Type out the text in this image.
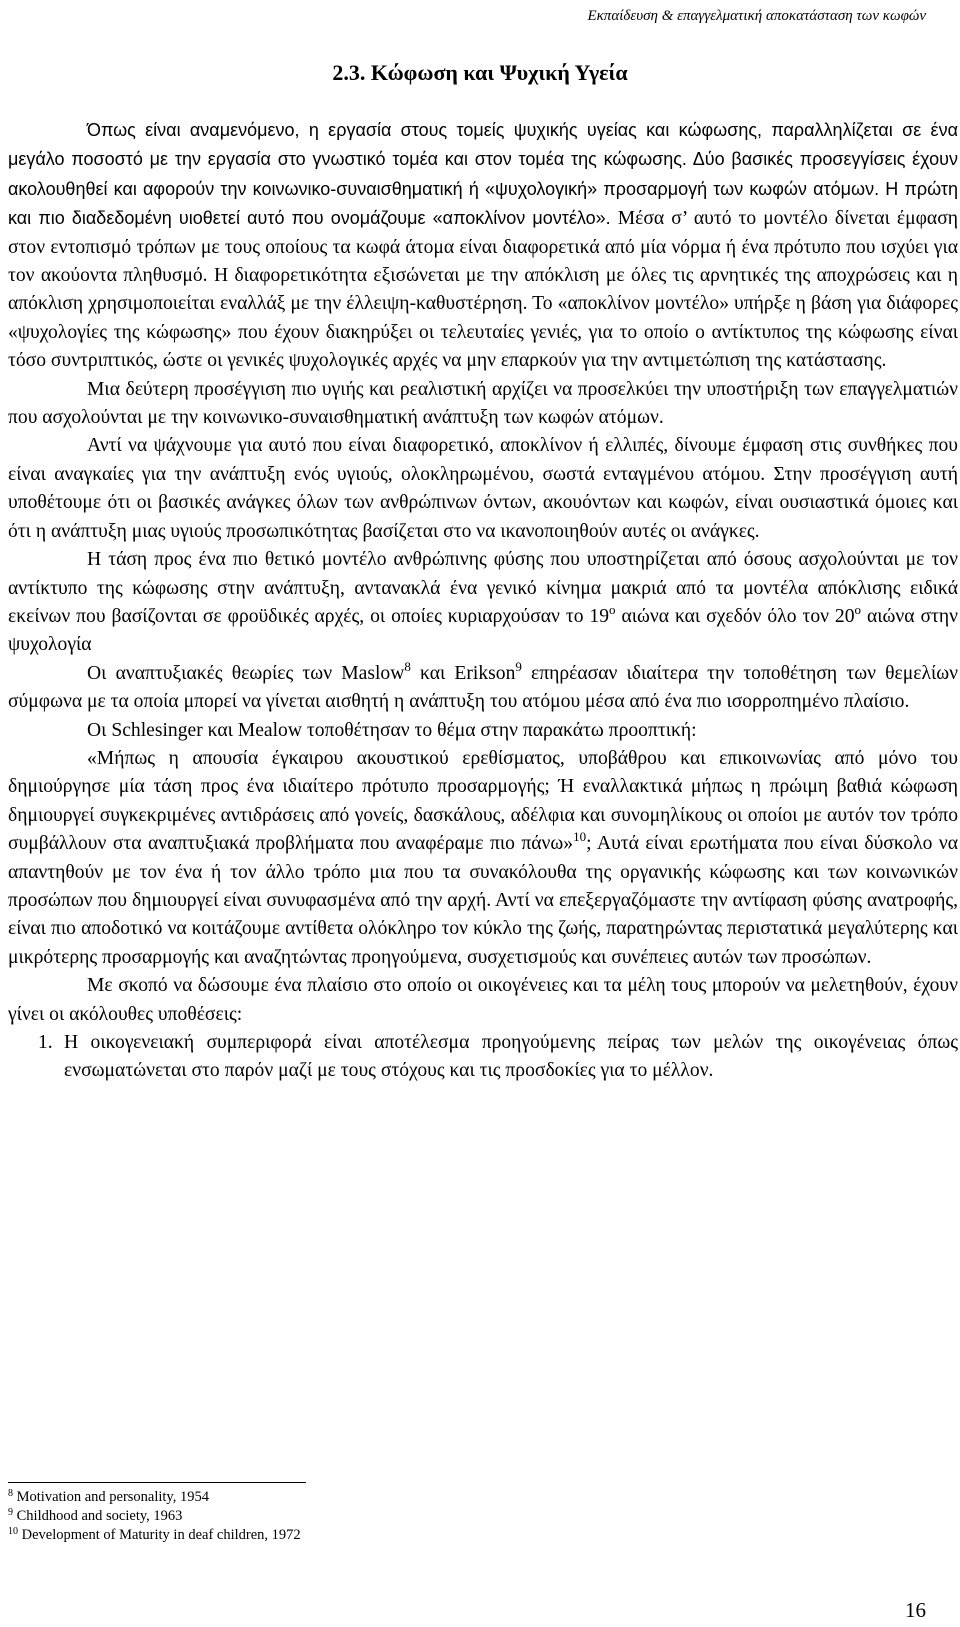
Εκπαίδευση & επαγγελματική αποκατάσταση των κωφών
2.3. Κώφωση και Ψυχική Υγεία

Όπως είναι αναμενόμενο, η εργασία στους τομείς ψυχικής υγείας και κώφωσης, παραλληλίζεται σε ένα μεγάλο ποσοστό με την εργασία στο γνωστικό τομέα και στον τομέα της κώφωσης. Δύο βασικές προσεγγίσεις έχουν ακολουθηθεί και αφορούν την κοινωνικο-συναισθηματική ή «ψυχολογική» προσαρμογή των κωφών ατόμων. Η πρώτη και πιο διαδεδομένη υιοθετεί αυτό που ονομάζουμε «αποκλίνον μοντέλο». Μέσα σ’ αυτό το μοντέλο δίνεται έμφαση στον εντοπισμό τρόπων με τους οποίους τα κωφά άτομα είναι διαφορετικά από μία νόρμα ή ένα πρότυπο που ισχύει για τον ακούοντα πληθυσμό. Η διαφορετικότητα εξισώνεται με την απόκλιση με όλες τις αρνητικές της αποχρώσεις και η απόκλιση χρησιμοποιείται εναλλάξ με την έλλειψη-καθυστέρηση. Το «αποκλίνον μοντέλο» υπήρξε η βάση για διάφορες «ψυχολογίες της κώφωσης» που έχουν διακηρύξει οι τελευταίες γενιές, για το οποίο ο αντίκτυπος της κώφωσης είναι τόσο συντριπτικός, ώστε οι γενικές ψυχολογικές αρχές να μην επαρκούν για την αντιμετώπιση της κατάστασης.

Μια δεύτερη προσέγγιση πιο υγιής και ρεαλιστική αρχίζει να προσελκύει την υποστήριξη των επαγγελματιών που ασχολούνται με την κοινωνικο-συναισθηματική ανάπτυξη των κωφών ατόμων.

Αντί να ψάχνουμε για αυτό που είναι διαφορετικό, αποκλίνον ή ελλιπές, δίνουμε έμφαση στις συνθήκες που είναι αναγκαίες για την ανάπτυξη ενός υγιούς, ολοκληρωμένου, σωστά ενταγμένου ατόμου. Στην προσέγγιση αυτή υποθέτουμε ότι οι βασικές ανάγκες όλων των ανθρώπινων όντων, ακουόντων και κωφών, είναι ουσιαστικά όμοιες και ότι η ανάπτυξη μιας υγιούς προσωπικότητας βασίζεται στο να ικανοποιηθούν αυτές οι ανάγκες.

Η τάση προς ένα πιο θετικό μοντέλο ανθρώπινης φύσης που υποστηρίζεται από όσους ασχολούνται με τον αντίκτυπο της κώφωσης στην ανάπτυξη, αντανακλά ένα γενικό κίνημα μακριά από τα μοντέλα απόκλισης ειδικά εκείνων που βασίζονται σε φροϋδικές αρχές, οι οποίες κυριαρχούσαν το $19^o$ αιώνα και σχεδόν όλο τον $20^o$ αιώνα στην ψυχολογία

Οι αναπτυξιακές θεωρίες των Maslow$^8$ και Erikson$^9$ επηρέασαν ιδιαίτερα την τοποθέτηση των θεμελίων σύμφωνα με τα οποία μπορεί να γίνεται αισθητή η ανάπτυξη του ατόμου μέσα από ένα πιο ισορροπημένο πλαίσιο.

Οι Schlesinger και Mealow τοποθέτησαν το θέμα στην παρακάτω προοπτική:

«Μήπως η απουσία έγκαιρου ακουστικού ερεθίσματος, υποβάθρου και επικοινωνίας από μόνο του δημιούργησε μία τάση προς ένα ιδιαίτερο πρότυπο προσαρμογής; Ή εναλλακτικά μήπως η πρώιμη βαθιά κώφωση δημιουργεί συγκεκριμένες αντιδράσεις από γονείς, δασκάλους, αδέλφια και συνομηλίκους οι οποίοι με αυτόν τον τρόπο συμβάλλουν στα αναπτυξιακά προβλήματα που αναφέραμε πιο πάνω»$^{10}$; Αυτά είναι ερωτήματα που είναι δύσκολο να απαντηθούν με τον ένα ή τον άλλο τρόπο μια που τα συνακόλουθα της οργανικής κώφωσης και των κοινωνικών προσώπων που δημιουργεί είναι συνυφασμένα από την αρχή. Αντί να επεξεργαζόμαστε την αντίφαση φύσης ανατροφής, είναι πιο αποδοτικό να κοιτάζουμε αντίθετα ολόκληρο τον κύκλο της ζωής, παρατηρώντας περιστατικά μεγαλύτερης και μικρότερης προσαρμογής και αναζητώντας προηγούμενα, συσχετισμούς και συνέπειες αυτών των προσώπων.

Με σκοπό να δώσουμε ένα πλαίσιο στο οποίο οι οικογένειες και τα μέλη τους μπορούν να μελετηθούν, έχουν γίνει οι ακόλουθες υποθέσεις:

1. Η οικογενειακή συμπεριφορά είναι αποτέλεσμα προηγούμενης πείρας των μελών της οικογένειας όπως ενσωματώνεται στο παρόν μαζί με τους στόχους και τις προσδοκίες για το μέλλον.

$^8$ Motivation and personality, 1954
$^9$ Childhood and society, 1963
$^{10}$ Development of Maturity in deaf children, 1972
16
